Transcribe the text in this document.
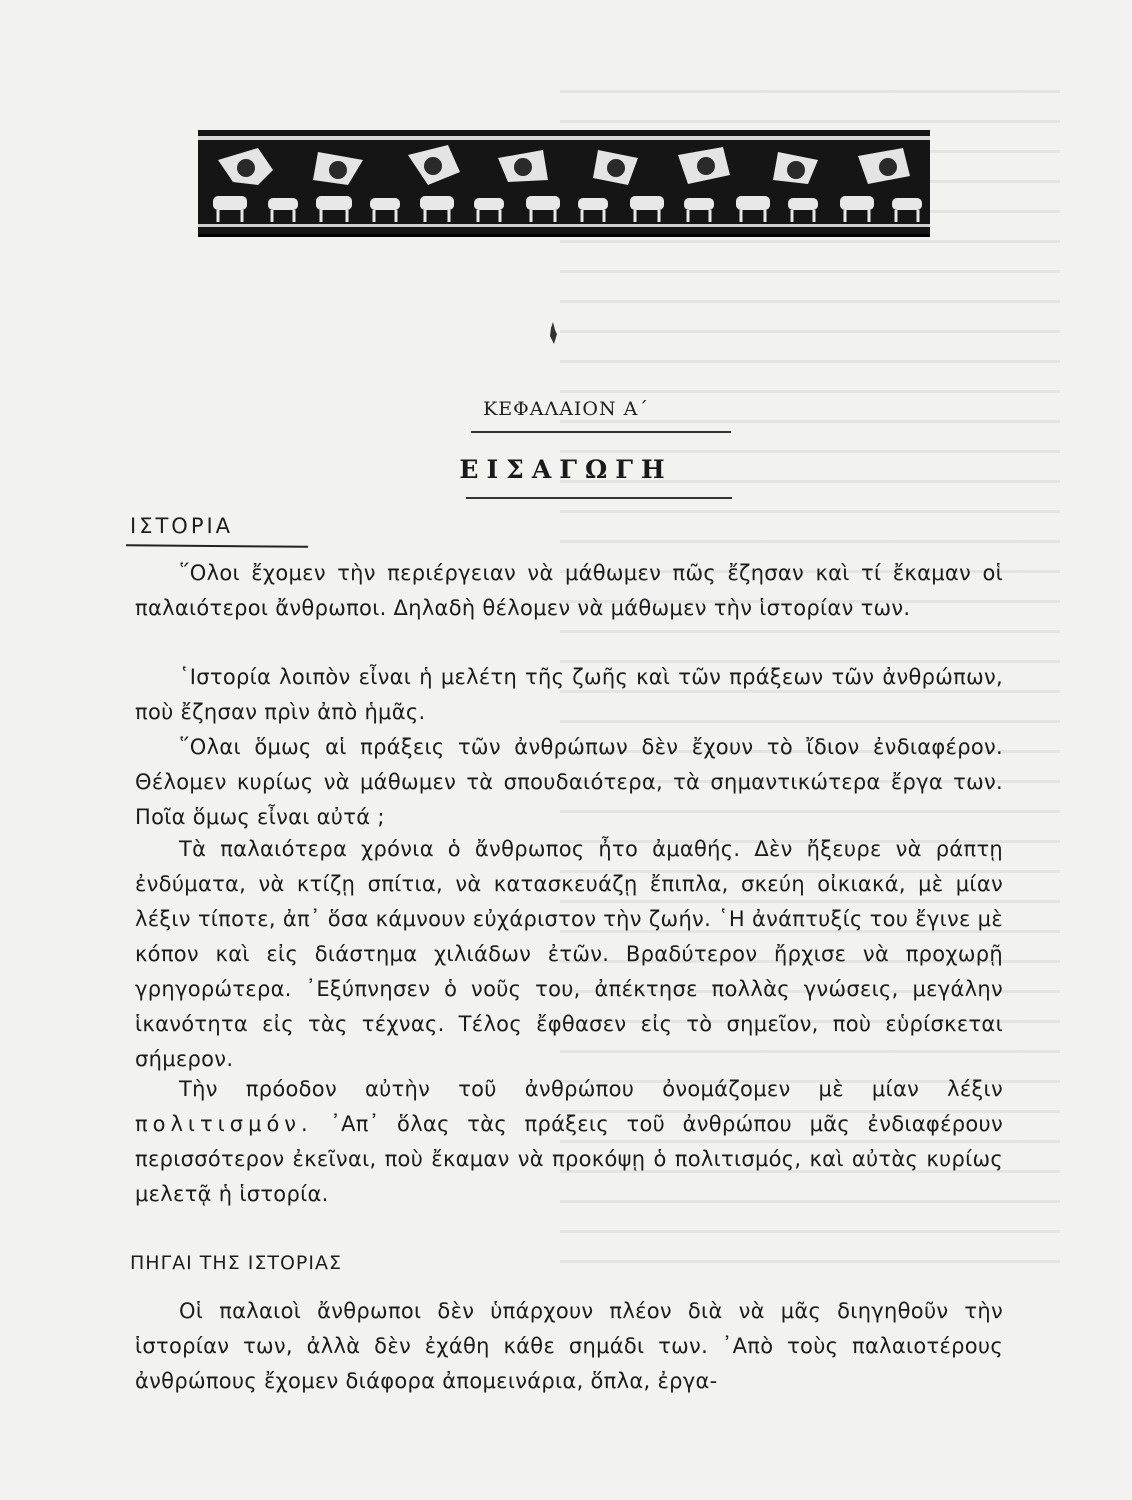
ΚΕΦΑΛΑΙΟΝ Α΄
ΕΙΣΑΓΩΓΗ
ΙΣΤΟΡΙΑ
῞Ολοι ἔχομεν τὴν περιέργειαν νὰ μάθωμεν πῶς ἔζησαν καὶ τί ἔκαμαν οἱ παλαιότεροι ἄνθρωποι. Δηλαδὴ θέλομεν νὰ μάθωμεν τὴν ἱστορίαν των.
῾Ιστορία λοιπὸν εἶναι ἡ μελέτη τῆς ζωῆς καὶ τῶν πράξεων τῶν ἀνθρώπων, ποὺ ἔζησαν πρὶν ἀπὸ ἡμᾶς.
῞Ολαι ὅμως αἱ πράξεις τῶν ἀνθρώπων δὲν ἔχουν τὸ ἴδιον ἐνδιαφέρον. Θέλομεν κυρίως νὰ μάθωμεν τὰ σπουδαιότερα, τὰ σημαντικώτερα ἔργα των. Ποῖα ὅμως εἶναι αὐτά ;
Τὰ παλαιότερα χρόνια ὁ ἄνθρωπος ἦτο ἀμαθής. Δὲν ἤξευρε νὰ ράπτῃ ἐνδύματα, νὰ κτίζῃ σπίτια, νὰ κατασκευάζῃ ἔπιπλα, σκεύη οἰκιακά, μὲ μίαν λέξιν τίποτε, ἀπ᾿ ὅσα κάμνουν εὐχάριστον τὴν ζωήν. ῾Η ἀνάπτυξίς του ἔγινε μὲ κόπον καὶ εἰς διάστημα χιλιάδων ἐτῶν. Βραδύτερον ἤρχισε νὰ προχωρῇ γρηγορώτερα. ᾿Εξύπνησεν ὁ νοῦς του, ἀπέκτησε πολλὰς γνώσεις, μεγάλην ἱκανότητα εἰς τὰς τέχνας. Τέλος ἔφθασεν εἰς τὸ σημεῖον, ποὺ εὑρίσκεται σήμερον.
Τὴν πρόοδον αὐτὴν τοῦ ἀνθρώπου ὀνομάζομεν μὲ μίαν λέξιν πολιτισμόν. ᾿Απ᾿ ὅλας τὰς πράξεις τοῦ ἀνθρώπου μᾶς ἐνδιαφέρουν περισσότερον ἐκεῖναι, ποὺ ἔκαμαν νὰ προκόψῃ ὁ πολιτισμός, καὶ αὐτὰς κυρίως μελετᾷ ἡ ἱστορία.
ΠΗΓΑΙ ΤΗΣ ΙΣΤΟΡΙΑΣ
Οἱ παλαιοὶ ἄνθρωποι δὲν ὑπάρχουν πλέον διὰ νὰ μᾶς διηγηθοῦν τὴν ἱστορίαν των, ἀλλὰ δὲν ἐχάθη κάθε σημάδι των. ᾿Απὸ τοὺς παλαιοτέρους ἀνθρώπους ἔχομεν διάφορα ἀπομεινάρια, ὅπλα, ἐργα-
